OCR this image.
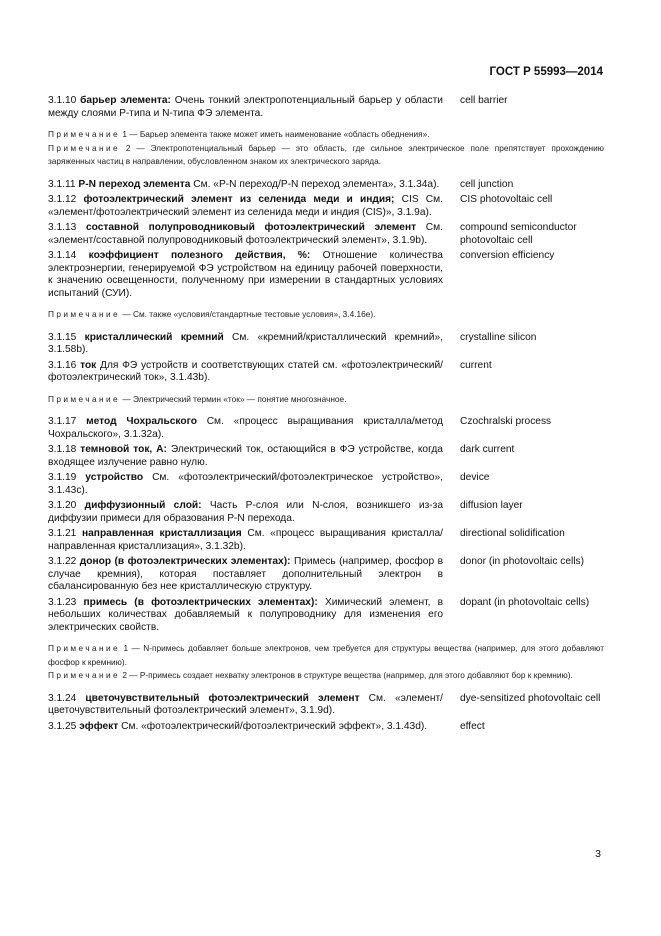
ГОСТ Р 55993—2014
3.1.10 барьер элемента: Очень тонкий электропотенциальный барьер у области между слоями P-типа и N-типа ФЭ элемента.
cell barrier

Примечание 1 — Барьер элемента также может иметь наименование «область обеднения».

Примечание 2 — Электропотенциальный барьер — это область, где сильное электрическое поле препятствует прохождению заряженных частиц в направлении, обусловленном знаком их электрического заряда.

3.1.11 P-N переход элемента См. «P-N переход/P-N переход элемента», 3.1.34a).	cell junction
3.1.12 фотоэлектрический элемент из селенида меди и индия; CIS См. «элемент/фотоэлектрический элемент из селенида меди и индия (CIS)», 3.1.9a).
CIS photovoltaic cell
3.1.13 составной полупроводниковый фотоэлектрический элемент См. «элемент/составной полупроводниковый фотоэлектрический элемент», 3.1.9b).
compound semiconductor photovoltaic cell
3.1.14 коэффициент полезного действия, %: Отношение количества электроэнергии, генерируемой ФЭ устройством на единицу рабочей поверхности, к значению освещенности, полученному при измерении в стандартных условиях испытаний (СУИ).
conversion efficiency

Примечание — См. также «условия/стандартные тестовые условия», 3.4.16e).

3.1.15 кристаллический кремний См. «кремний/кристаллический кремний», 3.1.58b).
crystalline silicon
3.1.16 ток Для ФЭ устройств и соответствующих статей см. «фотоэлектрический/фотоэлектрический ток», 3.1.43b).
current

Примечание — Электрический термин «ток» — понятие многозначное.

3.1.17 метод Чохральского См. «процесс выращивания кристалла/метод Чохральского», 3.1.32a).
Czochralski process
3.1.18 темновой ток, А: Электрический ток, остающийся в ФЭ устройстве, когда входящее излучение равно нулю.
dark current
3.1.19 устройство См. «фотоэлектрический/фотоэлектрическое устройство», 3.1.43c).
device
3.1.20 диффузионный слой: Часть P-слоя или N-слоя, возникшего из-за диффузии примеси для образования P-N перехода.
diffusion layer
3.1.21 направленная кристаллизация См. «процесс выращивания кристалла/направленная кристаллизация», 3.1.32b).
directional solidification
3.1.22 донор (в фотоэлектрических элементах): Примесь (например, фосфор в случае кремния), которая поставляет дополнительный электрон в сбалансированную без нее кристаллическую структуру.
donor (in photovoltaic cells)
3.1.23 примесь (в фотоэлектрических элементах): Химический элемент, в небольших количествах добавляемый к полупроводнику для изменения его электрических свойств.
dopant (in photovoltaic cells)

Примечание 1 — N-примесь добавляет больше электронов, чем требуется для структуры вещества (например, для этого добавляют фосфор к кремнию).

Примечание 2 — P-примесь создает нехватку электронов в структуре вещества (например, для этого добавляют бор к кремнию).

3.1.24 цветочувствительный фотоэлектрический элемент См. «элемент/цветочувствительный фотоэлектрический элемент», 3.1.9d).
dye-sensitized photovoltaic cell
3.1.25 эффект См. «фотоэлектрический/фотоэлектрический эффект», 3.1.43d).	effect
3
